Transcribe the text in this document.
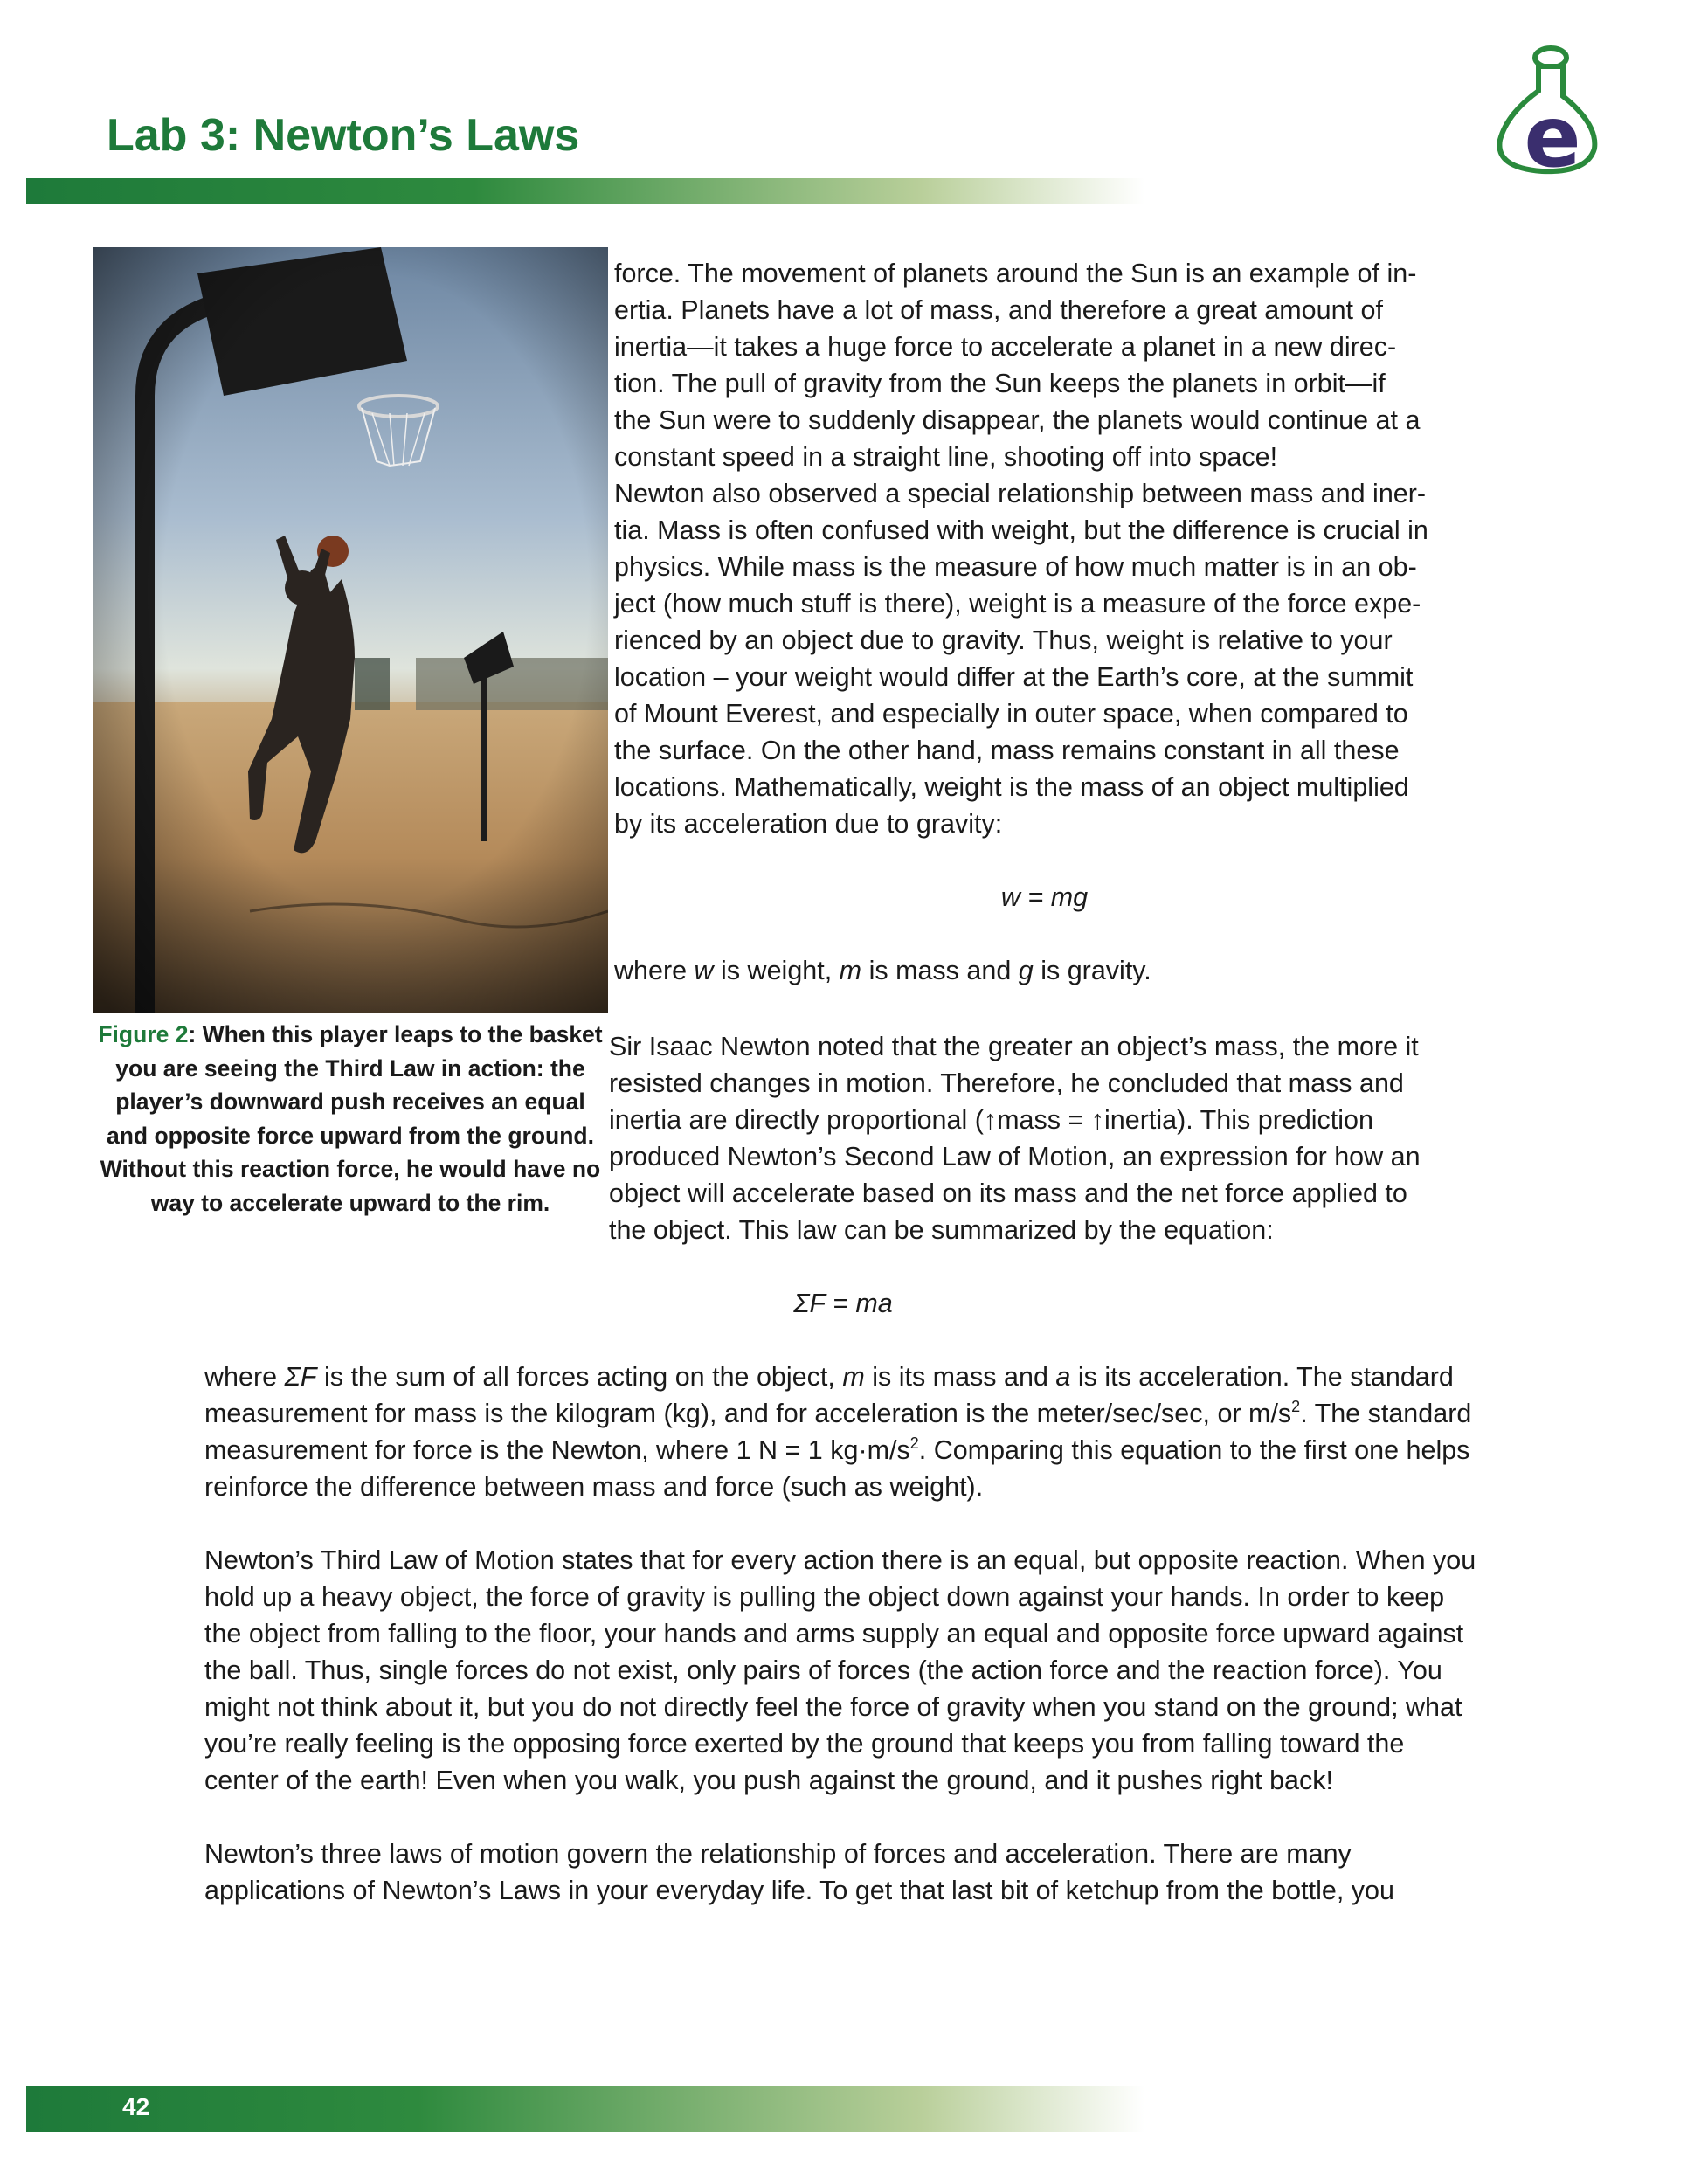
Lab 3: Newton’s Laws	e
Figure 2: When this player leaps to the basket you are seeing the Third Law in action: the player’s downward push receives an equal and opposite force upward from the ground. Without this reaction force, he would have no way to accelerate upward to the rim.

force. The movement of planets around the Sun is an example of in-
ertia. Planets have a lot of mass, and therefore a great amount of
inertia—it takes a huge force to accelerate a planet in a new direc-
tion. The pull of gravity from the Sun keeps the planets in orbit—if
the Sun were to suddenly disappear, the planets would continue at a
constant speed in a straight line, shooting off into space!

Newton also observed a special relationship between mass and iner-
tia. Mass is often confused with weight, but the difference is crucial in
physics. While mass is the measure of how much matter is in an ob-
ject (how much stuff is there), weight is a measure of the force expe-
rienced by an object due to gravity. Thus, weight is relative to your
location – your weight would differ at the Earth’s core, at the summit
of Mount Everest, and especially in outer space, when compared to
the surface. On the other hand, mass remains constant in all these
locations. Mathematically, weight is the mass of an object multiplied
by its acceleration due to gravity:

w = mg

where w is weight, m is mass and g is gravity.

Sir Isaac Newton noted that the greater an object’s mass, the more it
resisted changes in motion. Therefore, he concluded that mass and
inertia are directly proportional (↑mass = ↑inertia). This prediction
produced Newton’s Second Law of Motion, an expression for how an
object will accelerate based on its mass and the net force applied to
the object. This law can be summarized by the equation:

ΣF = ma

where ΣF is the sum of all forces acting on the object, m is its mass and a is its acceleration. The standard measurement for mass is the kilogram (kg), and for acceleration is the meter/sec/sec, or $m/s^2$. The standard measurement for force is the Newton, where 1 N = 1 $kg\cdot m/s^2$. Comparing this equation to the first one helps reinforce the difference between mass and force (such as weight).

Newton’s Third Law of Motion states that for every action there is an equal, but opposite reaction. When you hold up a heavy object, the force of gravity is pulling the object down against your hands. In order to keep the object from falling to the floor, your hands and arms supply an equal and opposite force upward against the ball. Thus, single forces do not exist, only pairs of forces (the action force and the reaction force). You might not think about it, but you do not directly feel the force of gravity when you stand on the ground; what you’re really feeling is the opposing force exerted by the ground that keeps you from falling toward the center of the earth! Even when you walk, you push against the ground, and it pushes right back!

Newton’s three laws of motion govern the relationship of forces and acceleration. There are many applications of Newton’s Laws in your everyday life. To get that last bit of ketchup from the bottle, you

42
